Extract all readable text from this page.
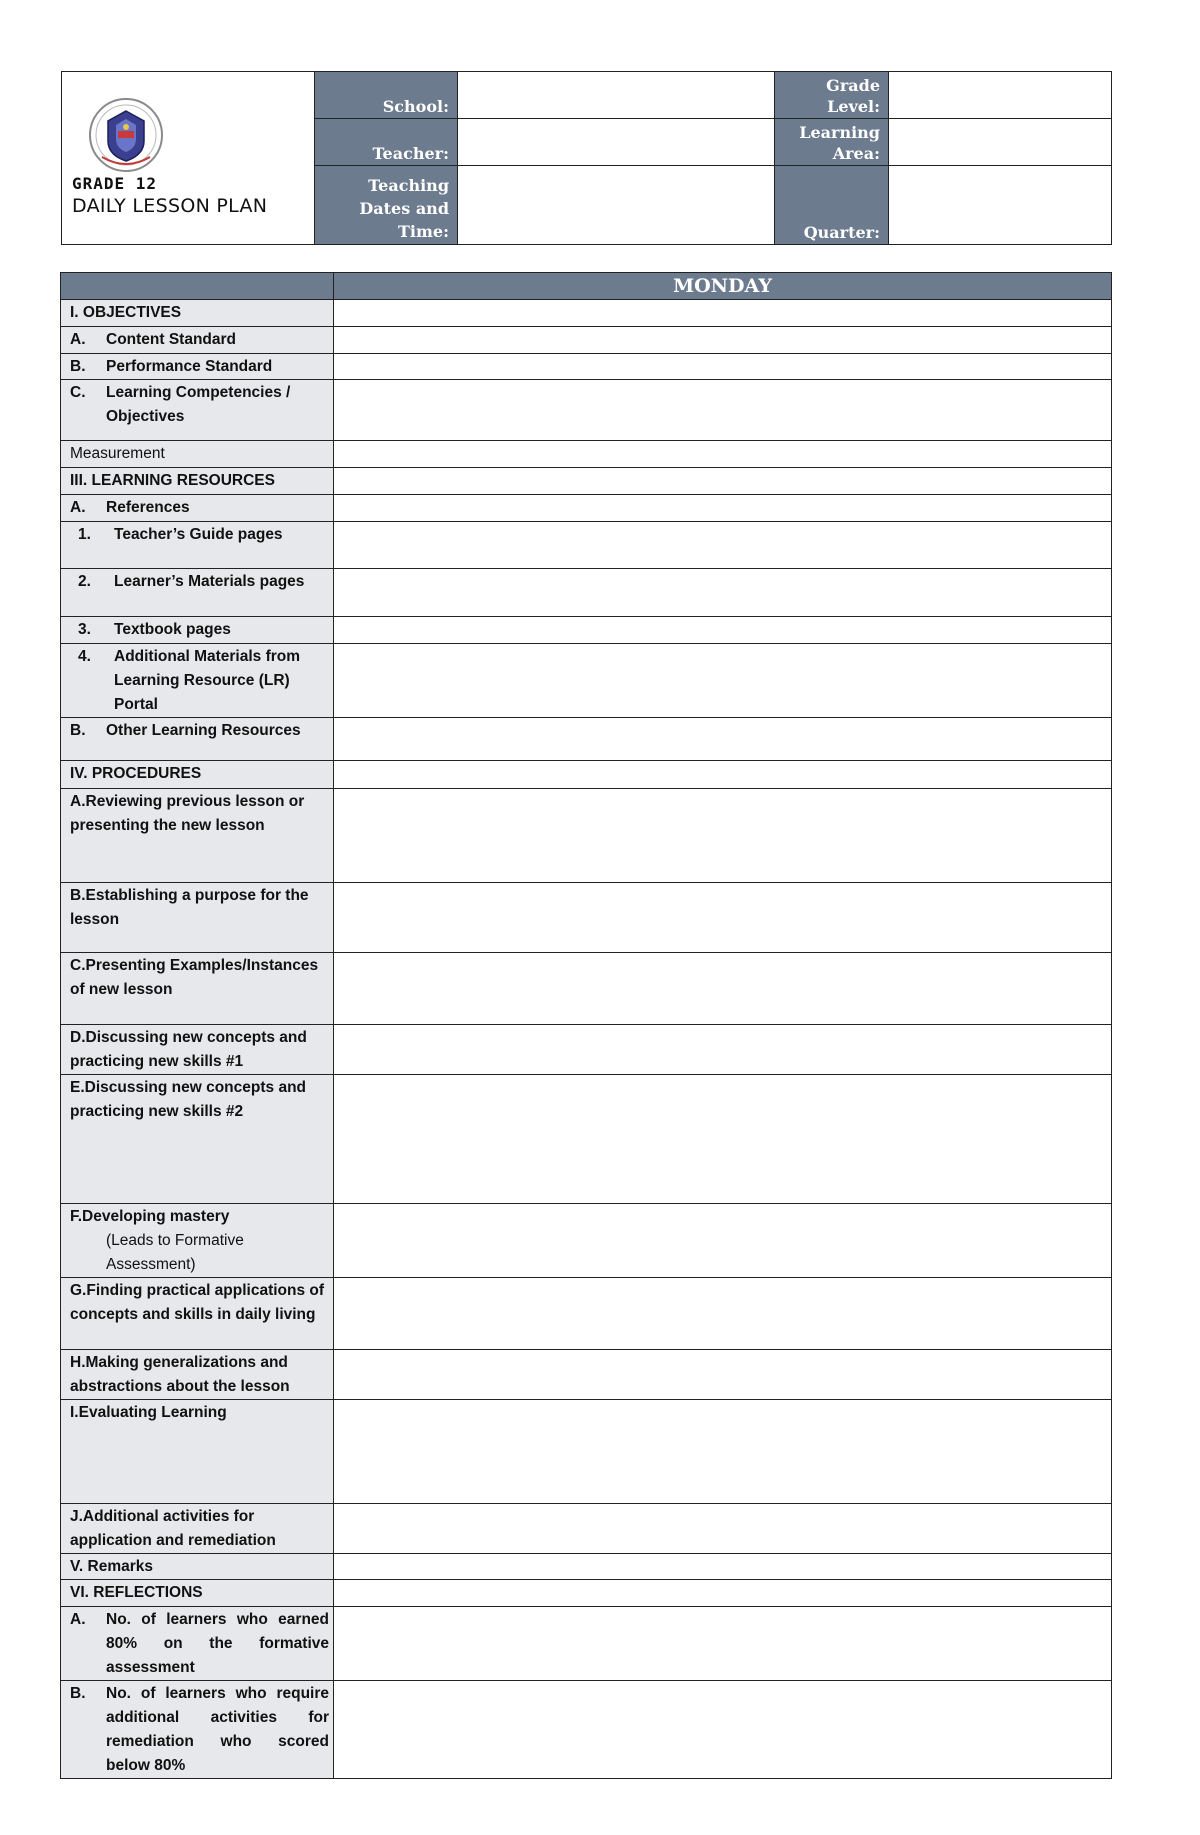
GRADE 12
DAILY LESSON PLAN	School:		Grade Level:	
	Teacher:		Learning Area:	
	Teaching Dates and Time:		Quarter:	
	MONDAY
I. OBJECTIVES	

A. Content Standard	

B. Performance Standard	

C. Learning Competencies / Objectives	

Measurement	
III. LEARNING RESOURCES	

A. References	

1. Teacher’s Guide pages	

2. Learner’s Materials pages	

3. Textbook pages	

4. Additional Materials from Learning Resource (LR) Portal	

B. Other Learning Resources	

IV. PROCEDURES	
A.Reviewing previous lesson or presenting the new lesson	
B.Establishing a purpose for the lesson	
C.Presenting Examples/Instances of new lesson	
D.Discussing new concepts and practicing new skills #1	
E.Discussing new concepts and practicing new skills #2	
F.Developing mastery
(Leads to Formative Assessment)	

G.Finding practical applications of concepts and skills in daily living	
H.Making generalizations and abstractions about the lesson	
I.Evaluating Learning	
J.Additional activities for application and remediation	
V. Remarks	
VI. REFLECTIONS	

A. No. of learners who earned 80% on the formative assessment	

B. No. of learners who require additional activities for remediation who scored below 80%	
